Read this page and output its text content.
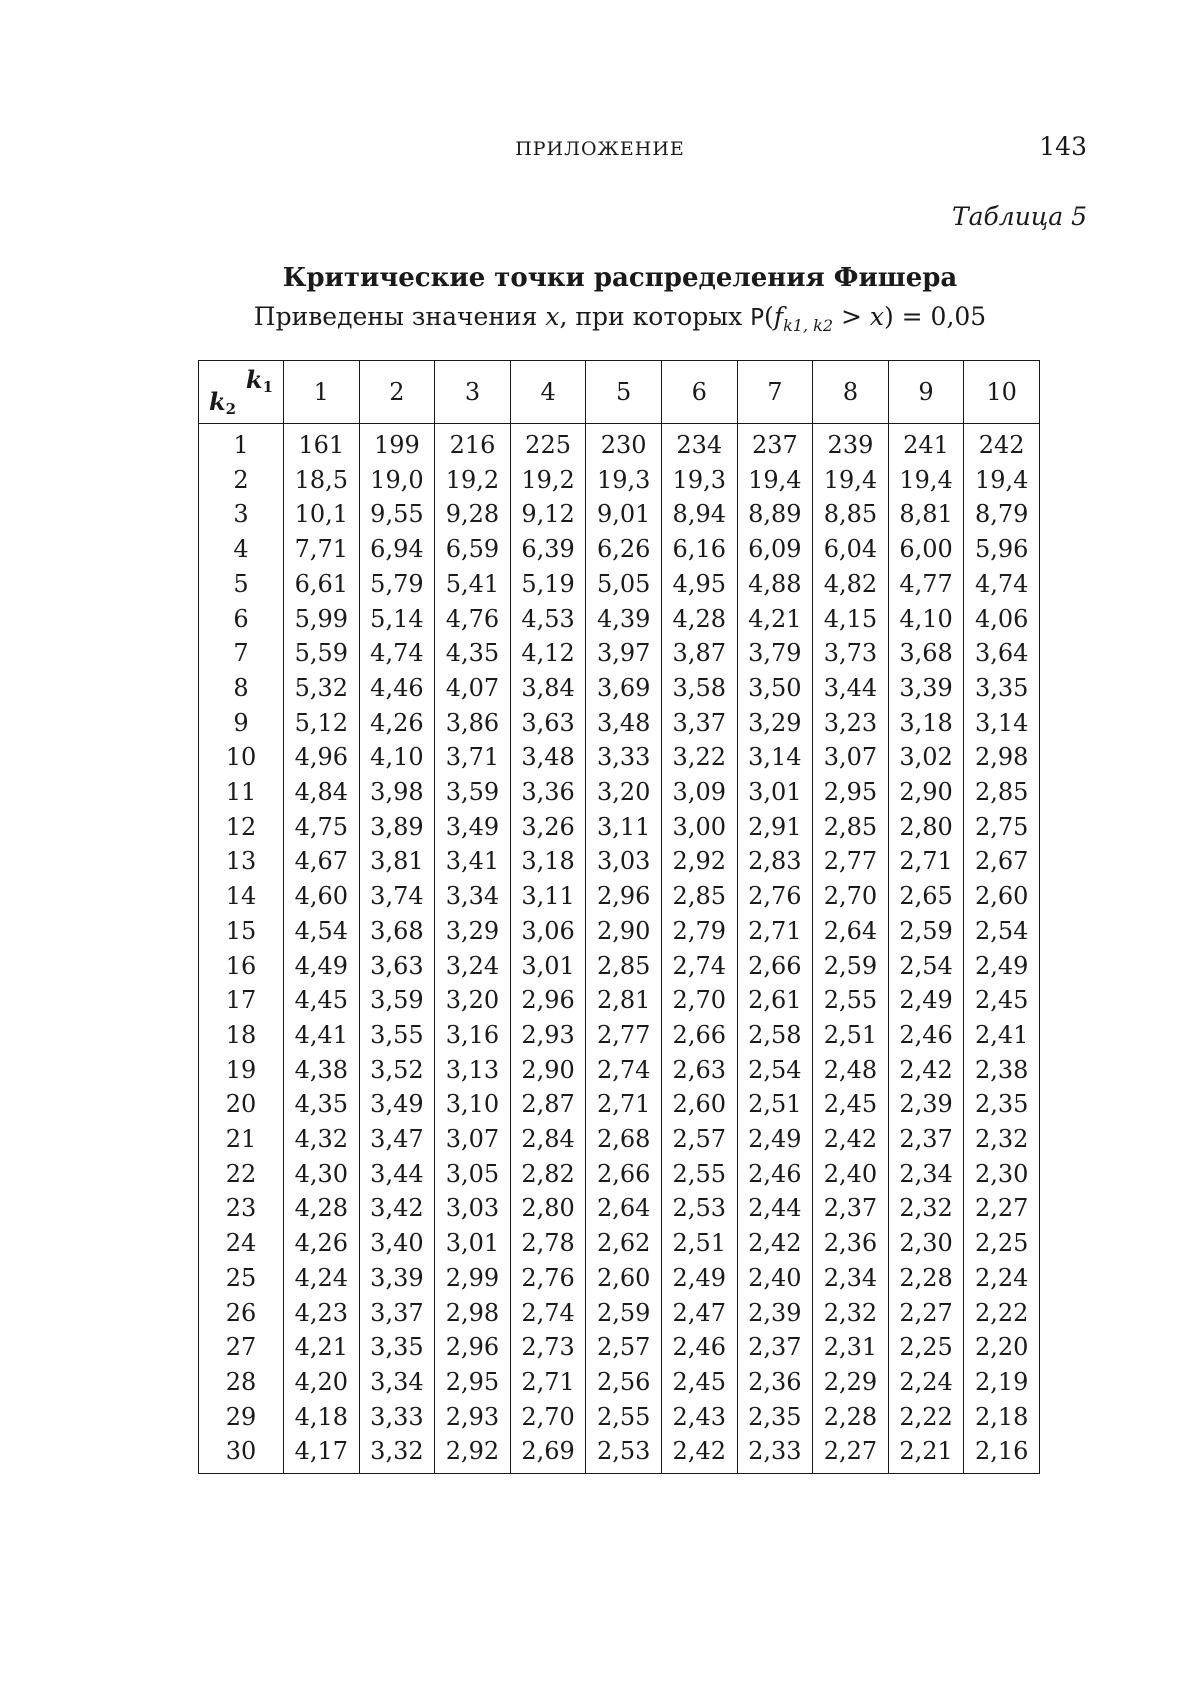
ПРИЛОЖЕНИЕ	143
Таблица 5
Критические точки распределения Фишера
Приведены значения x, при которых $P(f_{k1, k2} > x) = 0,05$
$k_1$
$k_2$	1	2	3	4	5	6	7	8	9	10
1	161	199	216	225	230	234	237	239	241	242
2	18,5	19,0	19,2	19,2	19,3	19,3	19,4	19,4	19,4	19,4
3	10,1	9,55	9,28	9,12	9,01	8,94	8,89	8,85	8,81	8,79
4	7,71	6,94	6,59	6,39	6,26	6,16	6,09	6,04	6,00	5,96
5	6,61	5,79	5,41	5,19	5,05	4,95	4,88	4,82	4,77	4,74
6	5,99	5,14	4,76	4,53	4,39	4,28	4,21	4,15	4,10	4,06
7	5,59	4,74	4,35	4,12	3,97	3,87	3,79	3,73	3,68	3,64
8	5,32	4,46	4,07	3,84	3,69	3,58	3,50	3,44	3,39	3,35
9	5,12	4,26	3,86	3,63	3,48	3,37	3,29	3,23	3,18	3,14
10	4,96	4,10	3,71	3,48	3,33	3,22	3,14	3,07	3,02	2,98
11	4,84	3,98	3,59	3,36	3,20	3,09	3,01	2,95	2,90	2,85
12	4,75	3,89	3,49	3,26	3,11	3,00	2,91	2,85	2,80	2,75
13	4,67	3,81	3,41	3,18	3,03	2,92	2,83	2,77	2,71	2,67
14	4,60	3,74	3,34	3,11	2,96	2,85	2,76	2,70	2,65	2,60
15	4,54	3,68	3,29	3,06	2,90	2,79	2,71	2,64	2,59	2,54
16	4,49	3,63	3,24	3,01	2,85	2,74	2,66	2,59	2,54	2,49
17	4,45	3,59	3,20	2,96	2,81	2,70	2,61	2,55	2,49	2,45
18	4,41	3,55	3,16	2,93	2,77	2,66	2,58	2,51	2,46	2,41
19	4,38	3,52	3,13	2,90	2,74	2,63	2,54	2,48	2,42	2,38
20	4,35	3,49	3,10	2,87	2,71	2,60	2,51	2,45	2,39	2,35
21	4,32	3,47	3,07	2,84	2,68	2,57	2,49	2,42	2,37	2,32
22	4,30	3,44	3,05	2,82	2,66	2,55	2,46	2,40	2,34	2,30
23	4,28	3,42	3,03	2,80	2,64	2,53	2,44	2,37	2,32	2,27
24	4,26	3,40	3,01	2,78	2,62	2,51	2,42	2,36	2,30	2,25
25	4,24	3,39	2,99	2,76	2,60	2,49	2,40	2,34	2,28	2,24
26	4,23	3,37	2,98	2,74	2,59	2,47	2,39	2,32	2,27	2,22
27	4,21	3,35	2,96	2,73	2,57	2,46	2,37	2,31	2,25	2,20
28	4,20	3,34	2,95	2,71	2,56	2,45	2,36	2,29	2,24	2,19
29	4,18	3,33	2,93	2,70	2,55	2,43	2,35	2,28	2,22	2,18
30	4,17	3,32	2,92	2,69	2,53	2,42	2,33	2,27	2,21	2,16
